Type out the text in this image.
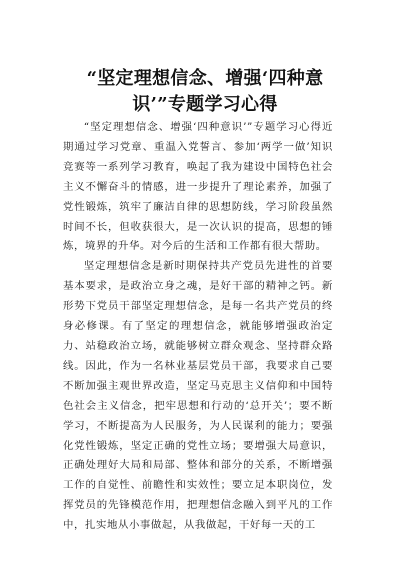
“坚定理想信念、增强‘四种意识’”专题学习心得

“坚定理想信念、增强‘四种意识’”专题学习心得近期通过学习党章、重温入党誓言、参加‘两学一做’知识竞赛等一系列学习教育，唤起了我为建设中国特色社会主义不懈奋斗的情感，进一步提升了理论素养，加强了党性锻炼，筑牢了廉洁自律的思想防线，学习阶段虽然时间不长，但收获很大，是一次认识的提高，思想的锤炼，境界的升华。对今后的生活和工作都有很大帮助。

坚定理想信念是新时期保持共产党员先进性的首要基本要求，是政治立身之魂，是好干部的精神之钙。新形势下党员干部坚定理想信念，是每一名共产党员的终身必修课。有了坚定的理想信念，就能够增强政治定力、站稳政治立场，就能够树立群众观念、坚持群众路线。因此，作为一名林业基层党员干部，我要求自己要不断加强主观世界改造，坚定马克思主义信仰和中国特色社会主义信念，把牢思想和行动的‘总开关’；要不断学习，不断提高为人民服务，为人民谋利的能力；要强化党性锻炼，坚定正确的党性立场；要增强大局意识，正确处理好大局和局部、整体和部分的关系，不断增强工作的自觉性、前瞻性和实效性；要立足本职岗位，发挥党员的先锋模范作用，把理想信念融入到平凡的工作中，扎实地从小事做起，从我做起，干好每一天的工
